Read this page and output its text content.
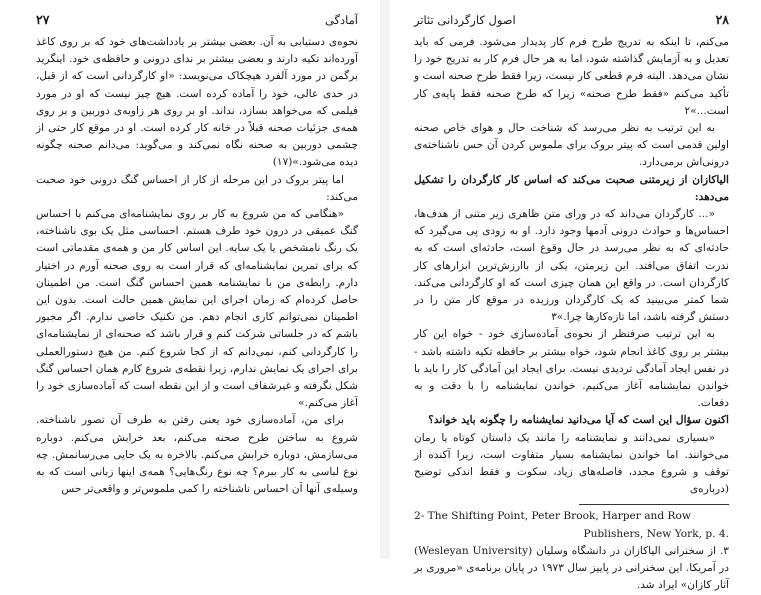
آمادگی
۲۷

نحوه‌ی دستیابی به آن. بعضی بیشتر بر یادداشت‌های خود که بر روی کاغذ آورده‌اند تکیه دارند و بعضی بیشتر بر ندای درونی و حافظه‌ی خود. اینگرید برگمن در مورد آلفرد هیچکاک می‌نویسد: «او کارگردانی است که از قبل، در حدی عالی، خود را آماده کرده است. هیچ چیز نیست که او در مورد فیلمی که می‌خواهد بسازد، نداند. او بر روی هر زاویه‌ی دوربین و بر روی همه‌ی جزئیات صحنه قبلاً در خانه کار کرده است. او در موقع کار حتی از چشمی دوربین به صحنه نگاه نمی‌کند و می‌گوید: می‌دانم صحنه چگونه دیده می‌شود.»(۱۷)

اما پیتر بروک در این مرحله از کار از احساس گنگ درونی خود صحبت می‌کند:

«هنگامی که من شروع به کار بر روی نمایشنامه‌ای می‌کنم با احساس گنگ عمیقی در درون خود طرف هستم. احساسی مثل یک بوی ناشناخته، یک رنگ نامشخص یا یک سایه. این اساس کار من و همه‌ی مقدماتی است که برای تمرین نمایشنامه‌ای که قرار است به روی صحنه آورم در اختیار دارم. رابطه‌ی من با نمایشنامه همین احساس گنگ است. من اطمینان حاصل کرده‌ام که زمان اجرای این نمایش همین حالت است. بدون این اطمینان نمی‌توانم کاری انجام دهم. من تکنیک خاصی ندارم. اگر مجبور باشم که در جلساتی شرکت کنم و قرار باشد که صحنه‌ای از نمایشنامه‌ای را کارگردانی کنم، نمی‌دانم که از کجا شروع کنم. من هیچ دستورالعملی برای اجرای یک نمایش ندارم، زیرا نقطه‌ی شروع کارم همان احساس گنگ شکل نگرفته و غیرشفاف است و از این نقطه است که آماده‌سازی خود را آغاز می‌کنم.»

برای من، آماده‌سازی خود یعنی رفتن به طرف آن تصور ناشناخته. شروع به ساختن طرح صحنه می‌کنم، بعد خرابش می‌کنم. دوباره می‌سازمش، دوباره خرابش می‌کنم. بالاخره به یک جایی می‌رسانمش. چه نوع لباسی به کار ببرم؟ چه نوع رنگ‌هایی؟ همه‌ی اینها زبانی است که به وسیله‌ی آنها آن احساس ناشناخته را کمی ملموس‌تر و واقعی‌تر حس

۲۸
اصول کارگردانی تئاتر

می‌کنم، تا اینکه به تدریج طرح فرم کار پدیدار می‌شود. فرمی که باید تعدیل و به آزمایش گذاشته شود، اما به هر حال فرم کار به تدریج خود را نشان می‌دهد. البته فرم قطعی کار نیست، زیرا فقط طرح صحنه است و تأکید می‌کنم «فقط طرح صحنه» زیرا که طرح صحنه فقط پایه‌ی کار است...»۲

به این ترتیب به نظر می‌رسد که شناخت حال و هوای خاص صحنه اولین قدمی است که پیتر بروک برای ملموس کردن آن حس ناشناخته‌ی درونی‌اش برمی‌دارد.

الیاکازان از زیرمتنی صحبت می‌کند که اساس کار کارگردان را تشکیل می‌دهد:

«... کارگردان می‌داند که در ورای متن ظاهری زیر متنی از هدف‌ها، احساس‌ها و حوادث درونی آدمها وجود دارد. او به زودی پی می‌گیرد که حادثه‌ای که به نظر می‌رسد در حال وقوع است، حادثه‌ای است که به ندرت اتفاق می‌افتد. این زیرمتن، یکی از باارزش‌ترین ابزارهای کار کارگردان است. در واقع این همان چیزی است که او کارگردانی می‌کند. شما کمتر می‌بینید که یک کارگردان ورزیده در موقع کار متن را در دستش گرفته باشد، اما تازه‌کارها چرا.»۳

به این ترتیب صرفنظر از نحوه‌ی آماده‌سازی خود - خواه این کار بیشتر بر روی کاغذ انجام شود، خواه بیشتر بر حافظه تکیه داشته باشد - در نفس ایجاد آمادگی تردیدی نیست. برای ایجاد این آمادگی کار را باید با خواندن نمایشنامه آغاز می‌کنیم. خواندن نمایشنامه را با دقت و به دفعات.

اکنون سؤال این است که آیا می‌دانید نمایشنامه را چگونه باید خواند؟

«بسیاری نمی‌دانند و نمایشنامه را مانند یک داستان کوتاه یا رمان می‌خوانند. اما خواندن نمایشنامه بسیار متفاوت است، زیرا آکنده از توقف و شروع مجدد، فاصله‌های زیاد، سکوت و فقط اندکی توضیح (درباره‌ی

2- The Shifting Point, Peter Brook, Harper and Row Publishers, New York, p. 4.

۳. از سخنرانی الیاکازان در دانشگاه وسلیان (Wesleyan University) در آمریکا. این سخنرانی در پاییز سال ۱۹۷۳ در پایان برنامه‌ی «مروری بر آثار کازان» ایراد شد.
